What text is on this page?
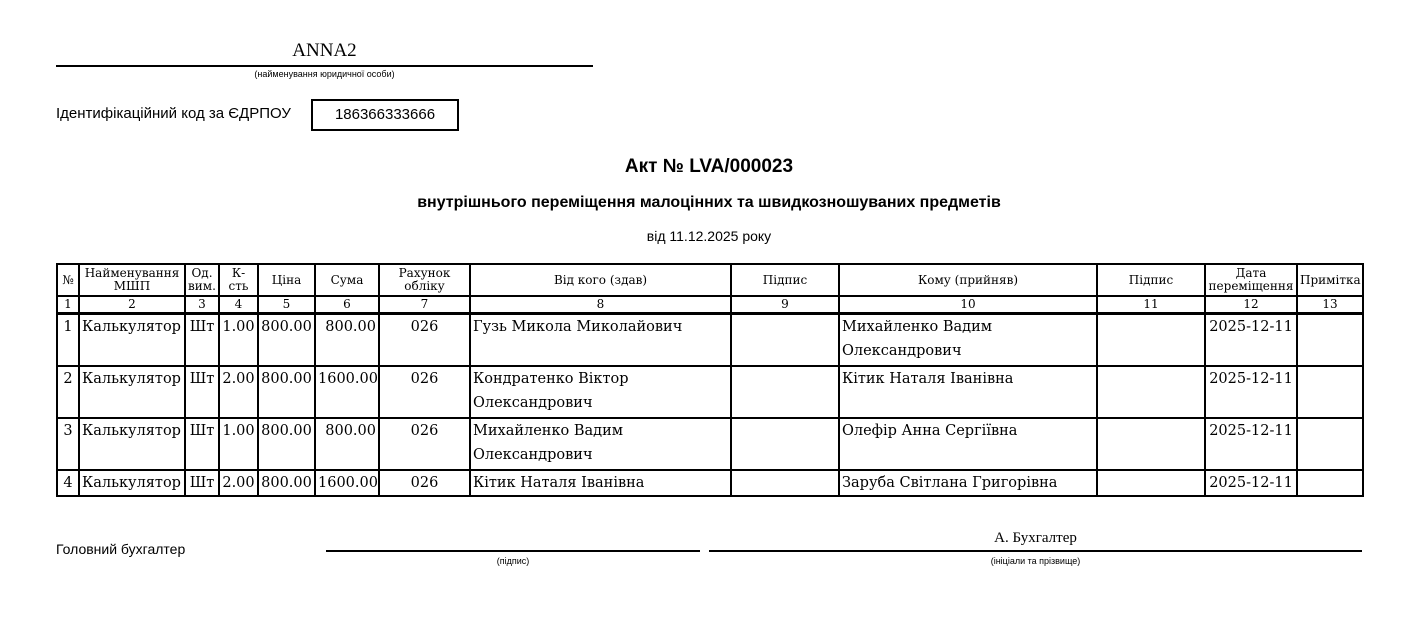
ANNA2
(найменування юридичної особи)
Ідентифікаційний код за ЄДРПОУ	186366333666
Акт № LVA/000023
внутрішнього переміщення малоцінних та швидкозношуваних предметів
від 11.12.2025 року
№	Найменування МШП	Од. вим.	К-сть	Ціна	Сума	Рахунок обліку	Від кого (здав)	Підпис	Кому (прийняв)	Підпис	Дата переміщення	Примітка
1	2	3	4	5	6	7	8	9	10	11	12	13
1	Калькулятор	Шт	1.00	800.00	800.00	026	Гузь Микола Миколайович		Михайленко Вадим Олександрович		2025-12-11	
2	Калькулятор	Шт	2.00	800.00	1600.00	026	Кондратенко Віктор Олександрович		Кітик Наталя Іванівна		2025-12-11	
3	Калькулятор	Шт	1.00	800.00	800.00	026	Михайленко Вадим Олександрович		Олефір Анна Сергіївна		2025-12-11	
4	Калькулятор	Шт	2.00	800.00	1600.00	026	Кітик Наталя Іванівна		Заруба Світлана Григорівна		2025-12-11	
Головний бухгалтер
(підпис)
А. Бухгалтер
(ініціали та прізвище)
